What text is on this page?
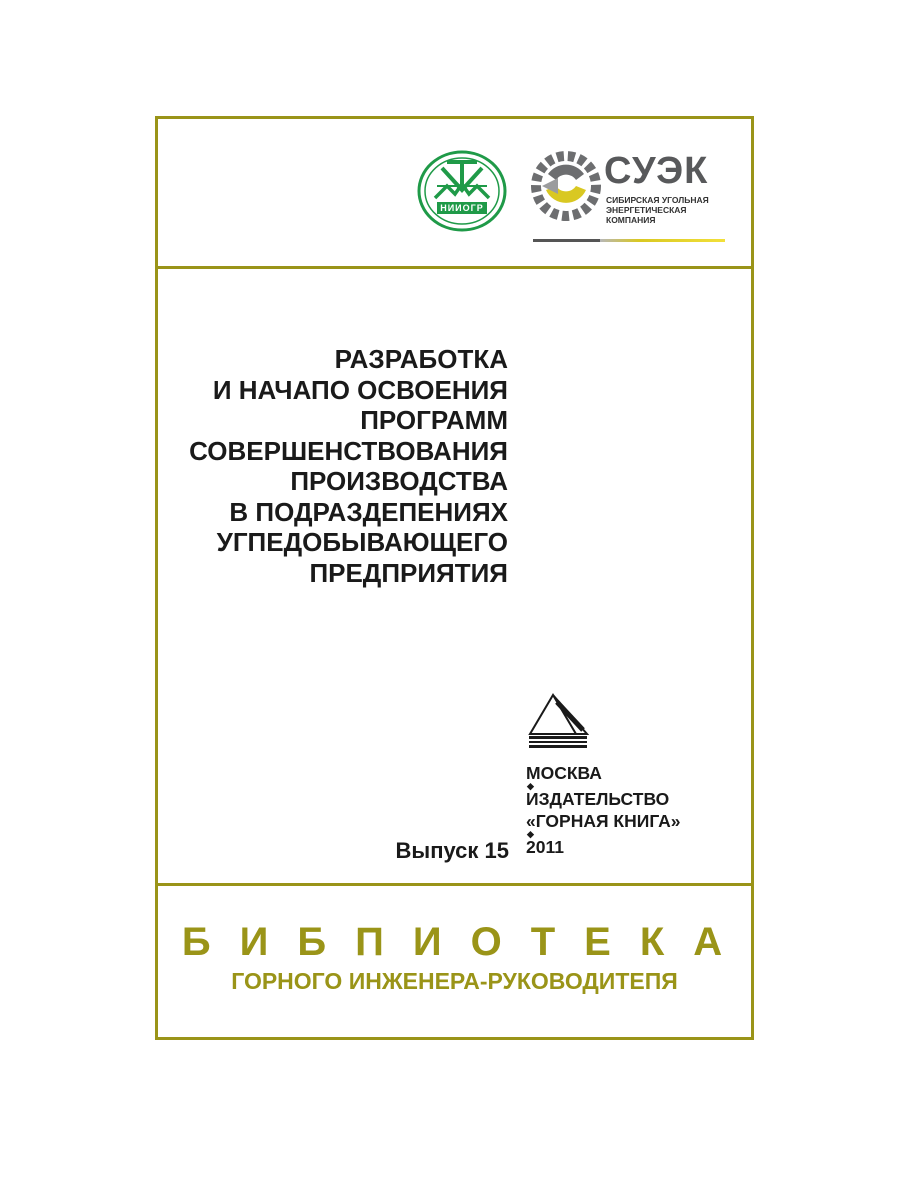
НИИОГР
СУЭК
СИБИРСКАЯ УГОЛЬНАЯ
ЭНЕРГЕТИЧЕСКАЯ КОМПАНИЯ
РАЗРАБОТКА
И НАЧАПО ОСВОЕНИЯ
ПРОГРАММ
СОВЕРШЕНСТВОВАНИЯ
ПРОИЗВОДСТВА
В ПОДРАЗДЕПЕНИЯХ
УГПЕДОБЫВАЮЩЕГО
ПРЕДПРИЯТИЯ
МОСКВА
◆
ИЗДАТЕЛЬСТВО
«ГОРНАЯ КНИГА»
◆
2011
Выпуск 15
БИБПИОТЕКА
ГОРНОГО ИНЖЕНЕРА-РУКОВОДИТЕПЯ
